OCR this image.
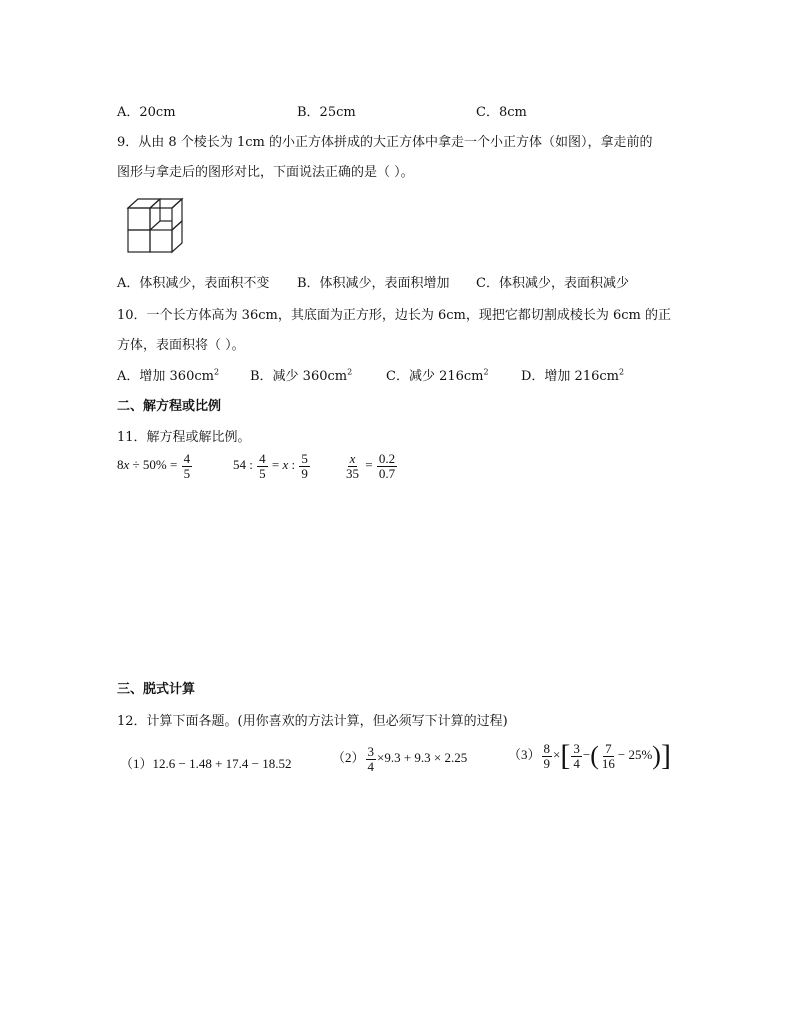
A．20cm	B．25cm	C．8cm
9．从由 8 个棱长为 1cm 的小正方体拼成的大正方体中拿走一个小正方体（如图），拿走前的
图形与拿走后的图形对比，下面说法正确的是（ ）。
A．体积减少，表面积不变 B．体积减少，表面积增加 C．体积减少，表面积减少
10．一个长方体高为 36cm，其底面为正方形，边长为 6cm，现把它都切割成棱长为 6cm 的正
方体，表面积将（ ）。
A．增加 $360cm^2$ B．减少 $360cm^2$	C．减少 $216cm^2$ D．增加 $216cm^2$
二、解方程或比例
11．解方程或解比例。
$8x \div 50\% = \frac{4}{5}$	54 : $\frac{4}{5} = x$ : $\frac{5}{9}$	$\frac{x}{35} = \frac{0.2}{0.7}$
三、脱式计算
12．计算下面各题。(用你喜欢的方法计算，但必须写下计算的过程)
（1）12.6 − 1.48 + 17.4 − 18.52	$(2) \frac{3}{4} \times 9.3 + 9.3 \times 2.25$	$(3) \frac{8}{9}$ ×[ $\frac{3}{4}$ −( $\frac{7}{16} - 25\%$)]
